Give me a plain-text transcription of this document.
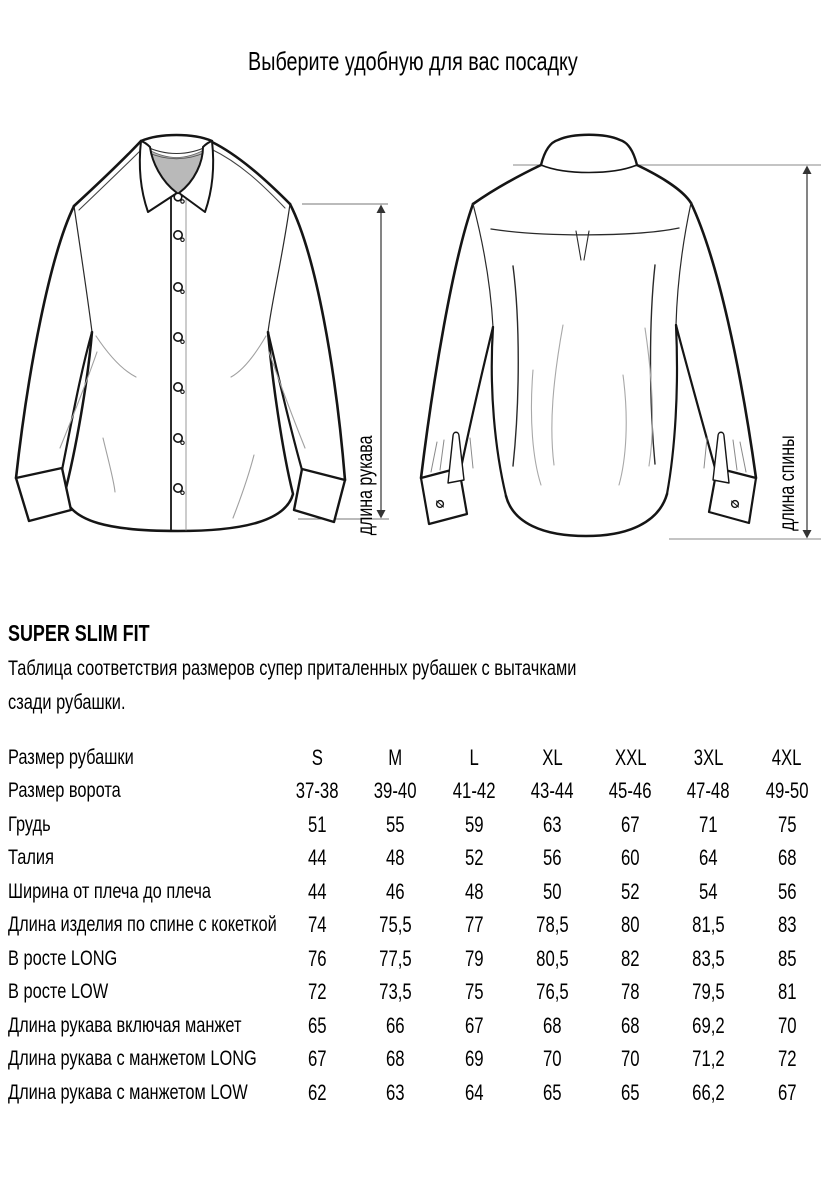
Выберите удобную для вас посадку
длина рукава	длина спины
SUPER SLIM FIT
Таблица соответствия размеров супер приталенных рубашек с вытачками
сзади рубашки.
Размер рубашки	S	M	L	XL	XXL	3XL	4XL
Размер ворота	37-38	39-40	41-42	43-44	45-46	47-48	49-50
Грудь	51	55	59	63	67	71	75
Талия	44	48	52	56	60	64	68
Ширина от плеча до плеча	44	46	48	50	52	54	56
Длина изделия по спине с кокеткой	74	75,5	77	78,5	80	81,5	83
В росте LONG	76	77,5	79	80,5	82	83,5	85
В росте LOW	72	73,5	75	76,5	78	79,5	81
Длина рукава включая манжет	65	66	67	68	68	69,2	70
Длина рукава с манжетом LONG	67	68	69	70	70	71,2	72
Длина рукава с манжетом LOW	62	63	64	65	65	66,2	67
